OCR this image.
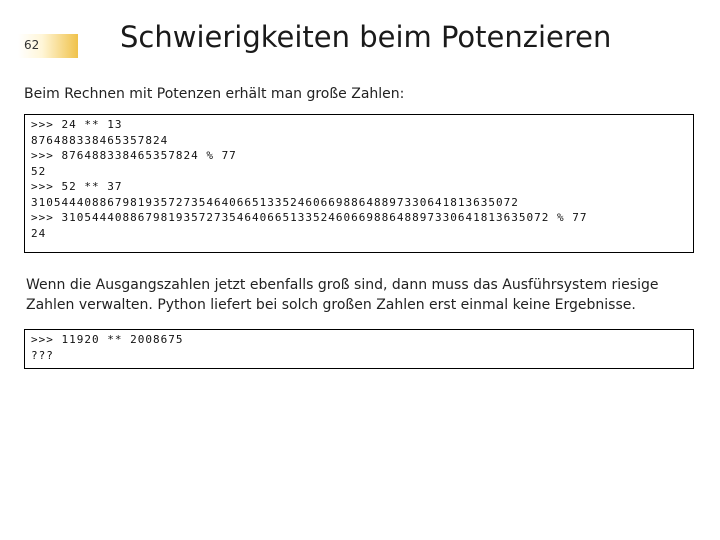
62	Schwierigkeiten beim Potenzieren
Beim Rechnen mit Potenzen erhält man große Zahlen:
>>> 24 ** 13
876488338465357824
>>> 876488338465357824 % 77
52
>>> 52 ** 37
3105444088679819357273546406651335246066988648897330641813635072
>>> 3105444088679819357273546406651335246066988648897330641813635072 % 77
24
Wenn die Ausgangszahlen jetzt ebenfalls groß sind, dann muss das Ausführsystem riesige
Zahlen verwalten. Python liefert bei solch großen Zahlen erst einmal keine Ergebnisse.
>>> 11920 ** 2008675
???
